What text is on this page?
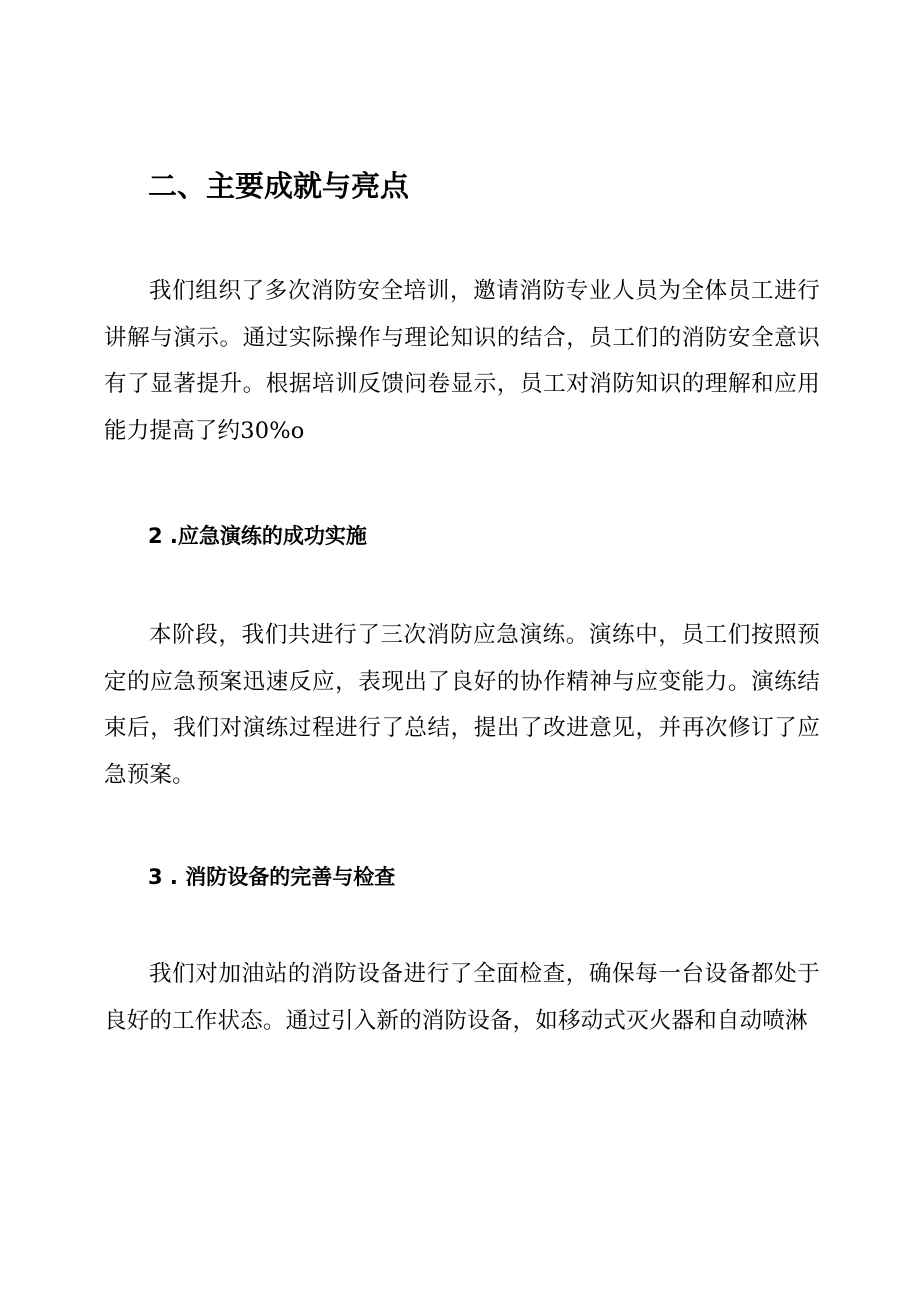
二、主要成就与亮点

我们组织了多次消防安全培训，邀请消防专业人员为全体员工进行讲解与演示。通过实际操作与理论知识的结合，员工们的消防安全意识有了显著提升。根据培训反馈问卷显示，员工对消防知识的理解和应用能力提高了约30%o

2 .应急演练的成功实施

本阶段，我们共进行了三次消防应急演练。演练中，员工们按照预定的应急预案迅速反应，表现出了良好的协作精神与应变能力。演练结束后，我们对演练过程进行了总结，提出了改进意见，并再次修订了应急预案。

3 . 消防设备的完善与检查

我们对加油站的消防设备进行了全面检查，确保每一台设备都处于良好的工作状态。通过引入新的消防设备，如移动式灭火器和自动喷淋
